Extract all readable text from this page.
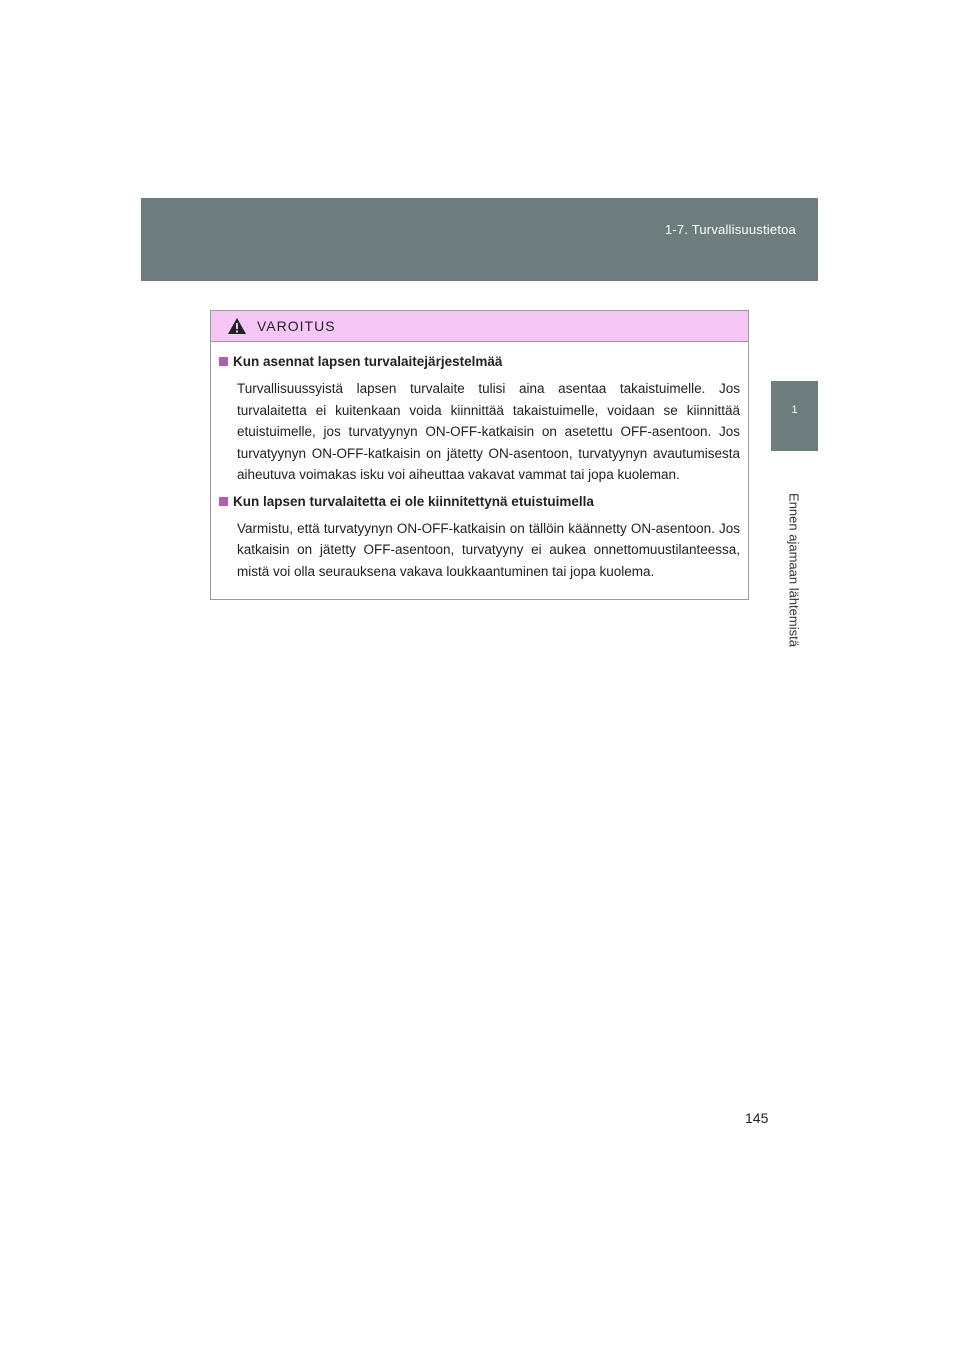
1-7. Turvallisuustietoa
1
Ennen ajamaan lähtemistä
VAROITUS
Kun asennat lapsen turvalaitejärjestelmää

Turvallisuussyistä lapsen turvalaite tulisi aina asentaa takaistuimelle. Jos turvalaitetta ei kuitenkaan voida kiinnittää takaistuimelle, voidaan se kiinnittää etuistuimelle, jos turvatyynyn ON-OFF-katkaisin on asetettu OFF-asentoon. Jos turvatyynyn ON-OFF-katkaisin on jätetty ON-asentoon, turvatyynyn avautumisesta aiheutuva voimakas isku voi aiheuttaa vakavat vammat tai jopa kuoleman.

Kun lapsen turvalaitetta ei ole kiinnitettynä etuistuimella

Varmistu, että turvatyynyn ON-OFF-katkaisin on tällöin käännetty ON-asentoon. Jos katkaisin on jätetty OFF-asentoon, turvatyyny ei aukea onnettomuustilanteessa, mistä voi olla seurauksena vakava loukkaantuminen tai jopa kuolema.

145
